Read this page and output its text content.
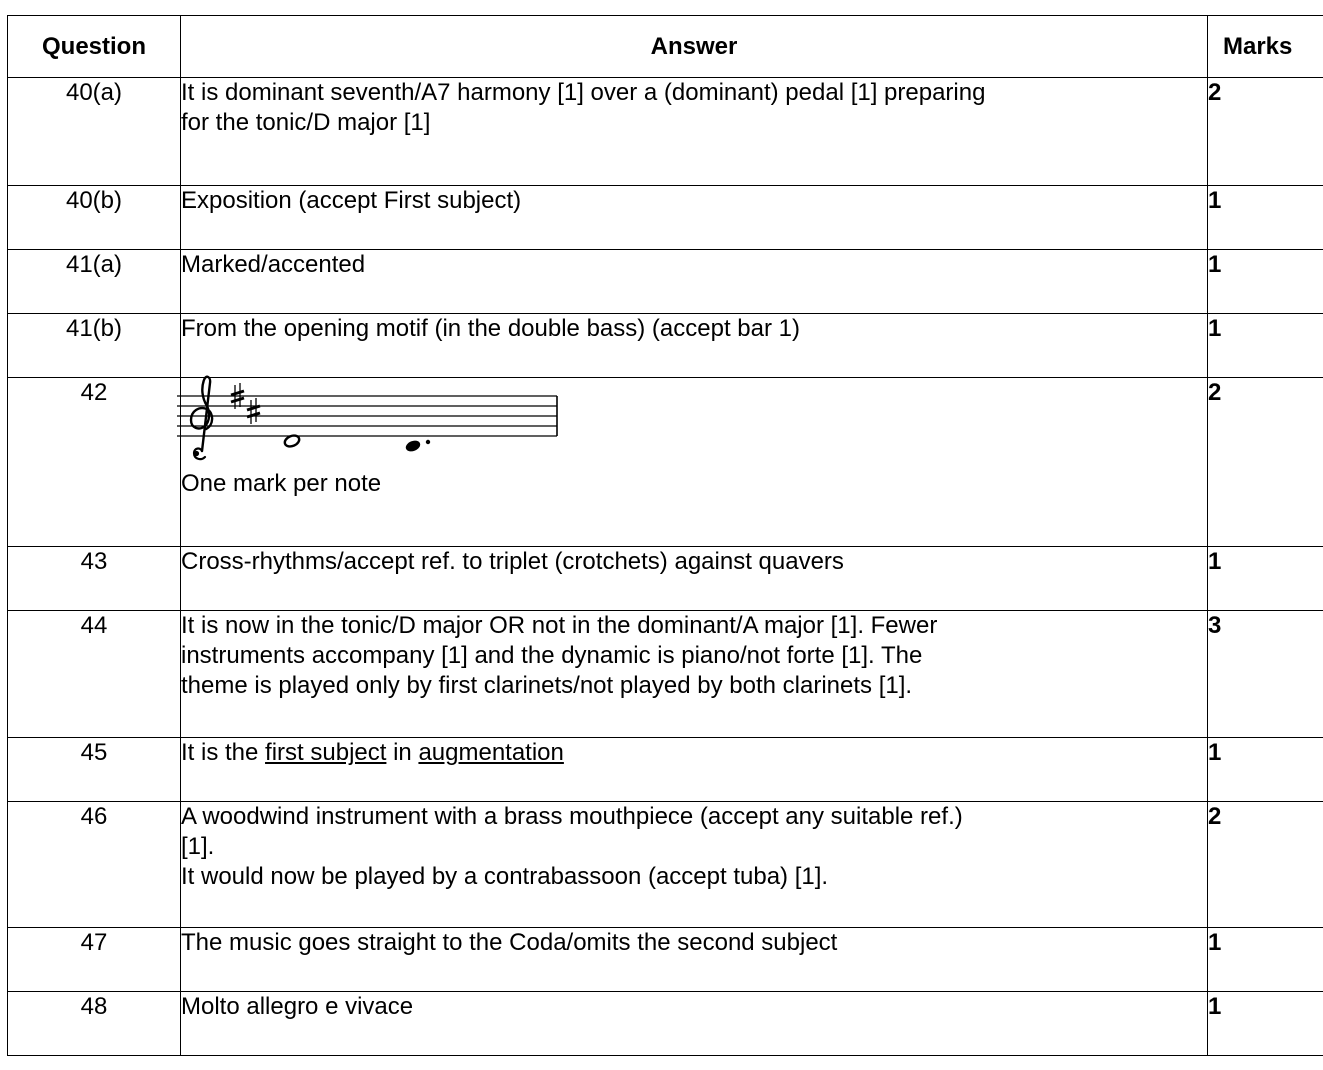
Question	Answer	Marks
40(a)	It is dominant seventh/A7 harmony [1] over a (dominant) pedal [1] preparing
for the tonic/D major [1]	2
40(b)	Exposition (accept First subject)	1
41(a)	Marked/accented	1
41(b)	From the opening motif (in the double bass) (accept bar 1)	1
42	One mark per note	2
43	Cross-rhythms/accept ref. to triplet (crotchets) against quavers	1
44	It is now in the tonic/D major OR not in the dominant/A major [1]. Fewer
instruments accompany [1] and the dynamic is piano/not forte [1]. The
theme is played only by first clarinets/not played by both clarinets [1].	3
45	It is the first subject in augmentation	1
46	A woodwind instrument with a brass mouthpiece (accept any suitable ref.)
[1].
It would now be played by a contrabassoon (accept tuba) [1].	2
47	The music goes straight to the Coda/omits the second subject	1
48	Molto allegro e vivace	1
